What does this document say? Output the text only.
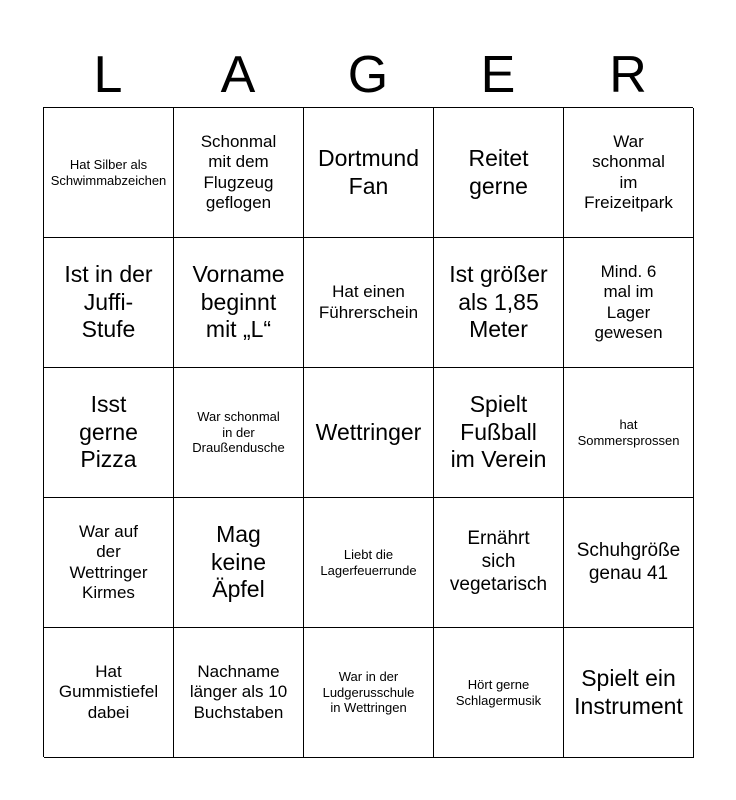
L	A	G	E	R
Hat Silber als
Schwimmabzeichen
Schonmal
mit dem
Flugzeug
geflogen
Dortmund
Fan
Reitet
gerne
War
schonmal
im
Freizeitpark
Ist in der
Juffi-
Stufe
Vorname
beginnt
mit „L“
Hat einen
Führerschein
Ist größer
als 1,85
Meter
Mind. 6
mal im
Lager
gewesen
Isst
gerne
Pizza
War schonmal
in der
Draußendusche
Wettringer
Spielt
Fußball
im Verein
hat
Sommersprossen
War auf
der
Wettringer
Kirmes
Mag
keine
Äpfel
Liebt die
Lagerfeuerrunde
Ernährt
sich
vegetarisch
Schuhgröße
genau 41
Hat
Gummistiefel
dabei
Nachname
länger als 10
Buchstaben
War in der
Ludgerusschule
in Wettringen
Hört gerne
Schlagermusik
Spielt ein
Instrument
